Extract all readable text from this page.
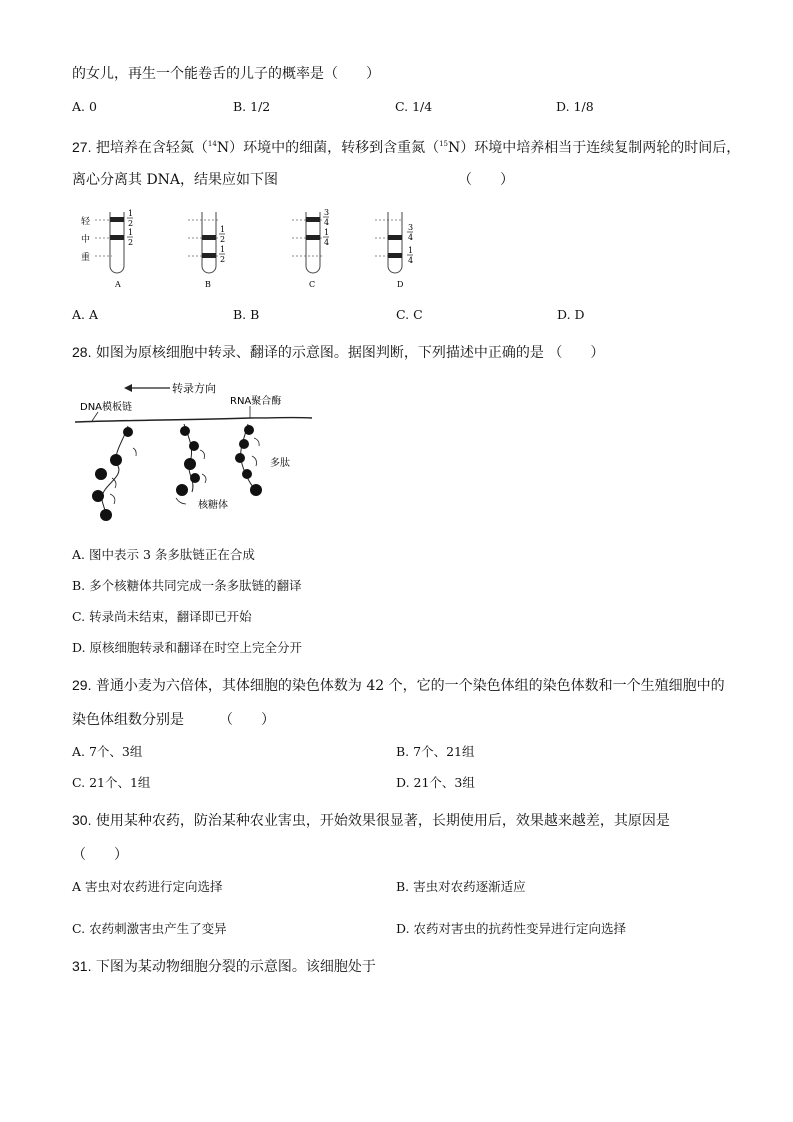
的女儿，再生一个能卷舌的儿子的概率是（　　）
A. 0	B. 1/2	C. 1/4	D. 1/8
27. 把培养在含轻氮（$^{14}$N）环境中的细菌，转移到含重氮（$^{15}$N）环境中培养相当于连续复制两轮的时间后，
离心分离其 DNA，结果应如下图	（　　）
轻
中
重
1
2
1
2
A
1
2
1
2
B
3
4
1
4
C
3
4
1
4
D
A. A	B. B	C. C	D. D
28. 如图为原核细胞中转录、翻译的示意图。据图判断，下列描述中正确的是 （　　）
转录方向
DNA模板链
RNA聚合酶
多肽
核糖体
A. 图中表示 3 条多肽链正在合成
B. 多个核糖体共同完成一条多肽链的翻译
C. 转录尚未结束，翻译即已开始
D. 原核细胞转录和翻译在时空上完全分开
29. 普通小麦为六倍体，其体细胞的染色体数为 42 个，它的一个染色体组的染色体数和一个生殖细胞中的
染色体组数分别是　　　（　　）
A. 7个、3组	B. 7个、21组
C. 21个、1组	D. 21个、3组
30. 使用某种农药，防治某种农业害虫，开始效果很显著，长期使用后，效果越来越差，其原因是
（　　）
A 害虫对农药进行定向选择	B. 害虫对农药逐渐适应
C. 农药刺激害虫产生了变异	D. 农药对害虫的抗药性变异进行定向选择
31. 下图为某动物细胞分裂的示意图。该细胞处于
